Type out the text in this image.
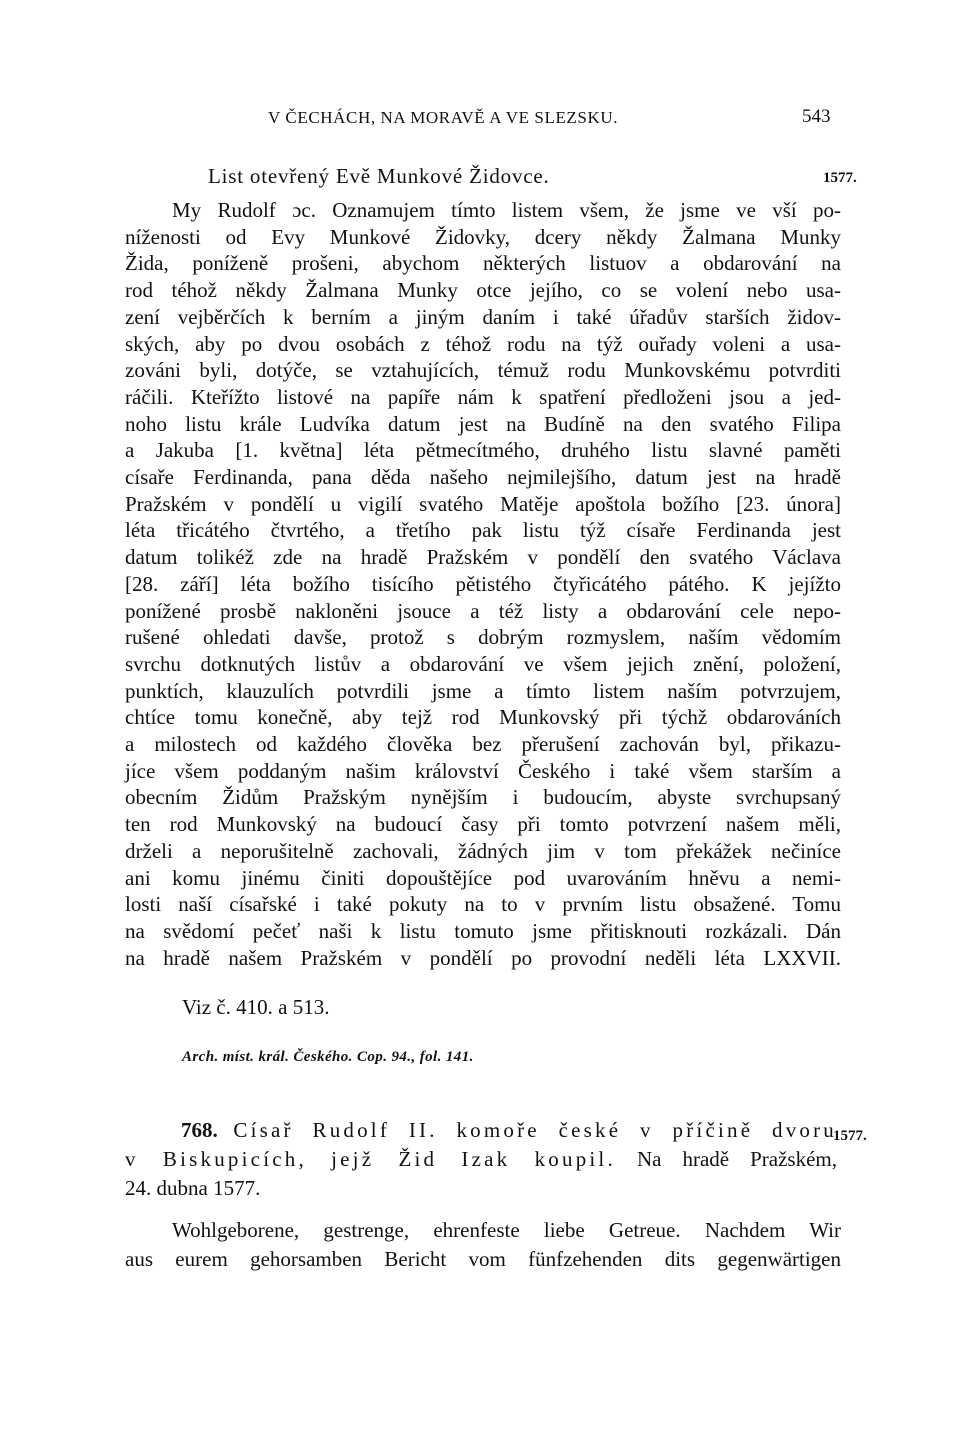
V ČECHÁCH, NA MORAVĚ A VE SLEZSKU.	543
List otevřený Evě Munkové Židovce.	1577.
My Rudolf ɔc. Oznamujem tímto listem všem, že jsme ve vší po-
níženosti od Evy Munkové Židovky, dcery někdy Žalmana Munky
Žida, poníženě prošeni, abychom některých listuov a obdarování na
rod téhož někdy Žalmana Munky otce jejího, co se volení nebo usa-
zení vejběrčích k berním a jiným daním i také úřadův starších židov-
ských, aby po dvou osobách z téhož rodu na týž ouřady voleni a usa-
zováni byli, dotýče, se vztahujících, témuž rodu Munkovskému potvrditi
ráčili. Kteřížto listové na papíře nám k spatření předloženi jsou a jed-
noho listu krále Ludvíka datum jest na Budíně na den svatého Filipa
a Jakuba [1. května] léta pětmecítmého, druhého listu slavné paměti
císaře Ferdinanda, pana děda našeho nejmilejšího, datum jest na hradě
Pražském v pondělí u vigilí svatého Matěje apoštola božího [23. února]
léta třicátého čtvrtého, a třetího pak listu týž císaře Ferdinanda jest
datum tolikéž zde na hradě Pražském v pondělí den svatého Václava
[28. září] léta božího tisícího pětistého čtyřicátého pátého. K jejížto
ponížené prosbě nakloněni jsouce a též listy a obdarování cele nepo-
rušené ohledati davše, protož s dobrým rozmyslem, naším vědomím
svrchu dotknutých listův a obdarování ve všem jejich znění, položení,
punktích, klauzulích potvrdili jsme a tímto listem naším potvrzujem,
chtíce tomu konečně, aby tejž rod Munkovský při týchž obdarováních
a milostech od každého člověka bez přerušení zachován byl, přikazu-
jíce všem poddaným našim království Českého i také všem starším a
obecním Židům Pražským nynějším i budoucím, abyste svrchupsaný
ten rod Munkovský na budoucí časy při tomto potvrzení našem měli,
drželi a neporušitelně zachovali, žádných jim v tom překážek nečiníce
ani komu jinému činiti dopouštějíce pod uvarováním hněvu a nemi-
losti naší císařské i také pokuty na to v prvním listu obsažené. Tomu
na svědomí pečeť naši k listu tomuto jsme přitisknouti rozkázali. Dán
na hradě našem Pražském v pondělí po provodní neděli léta LXXVII.
Viz č. 410. a 513.
Arch. míst. král. Českého. Cop. 94., fol. 141.
1577.
768. Císař Rudolf II. komoře české v příčině dvoru
v Biskupicích, jejž Žid Izak koupil. Na hradě Pražském,
24. dubna 1577.
Wohlgeborene, gestrenge, ehrenfeste liebe Getreue. Nachdem Wir
aus eurem gehorsamben Bericht vom fünfzehenden dits gegenwärtigen
